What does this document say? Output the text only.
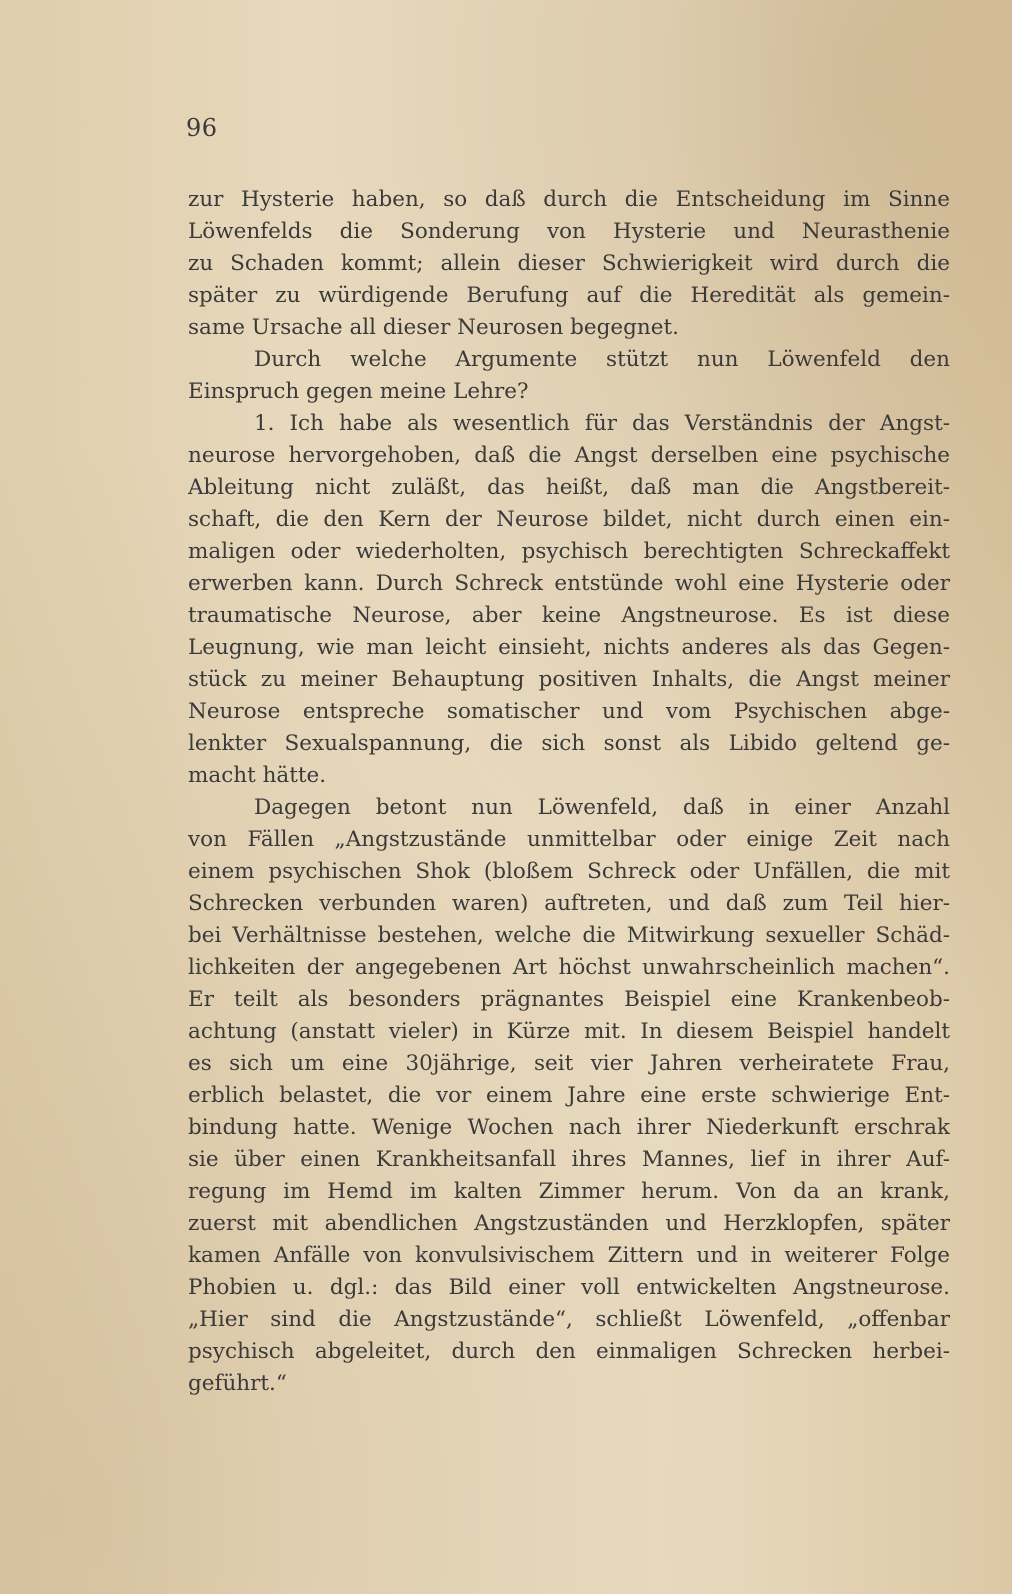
96
zur Hysterie haben, so daß durch die Entscheidung im Sinne
Löwenfelds die Sonderung von Hysterie und Neurasthenie
zu Schaden kommt; allein dieser Schwierigkeit wird durch die
später zu würdigende Berufung auf die Heredität als gemein-
same Ursache all dieser Neurosen begegnet.
Durch welche Argumente stützt nun Löwenfeld den
Einspruch gegen meine Lehre?
1. Ich habe als wesentlich für das Verständnis der Angst-
neurose hervorgehoben, daß die Angst derselben eine psychische
Ableitung nicht zuläßt, das heißt, daß man die Angstbereit-
schaft, die den Kern der Neurose bildet, nicht durch einen ein-
maligen oder wiederholten, psychisch berechtigten Schreckaffekt
erwerben kann. Durch Schreck entstünde wohl eine Hysterie oder
traumatische Neurose, aber keine Angstneurose. Es ist diese
Leugnung, wie man leicht einsieht, nichts anderes als das Gegen-
stück zu meiner Behauptung positiven Inhalts, die Angst meiner
Neurose entspreche somatischer und vom Psychischen abge-
lenkter Sexualspannung, die sich sonst als Libido geltend ge-
macht hätte.
Dagegen betont nun Löwenfeld, daß in einer Anzahl
von Fällen „Angstzustände unmittelbar oder einige Zeit nach
einem psychischen Shok (bloßem Schreck oder Unfällen, die mit
Schrecken verbunden waren) auftreten, und daß zum Teil hier-
bei Verhältnisse bestehen, welche die Mitwirkung sexueller Schäd-
lichkeiten der angegebenen Art höchst unwahrscheinlich machen“.
Er teilt als besonders prägnantes Beispiel eine Krankenbeob-
achtung (anstatt vieler) in Kürze mit. In diesem Beispiel handelt
es sich um eine 30jährige, seit vier Jahren verheiratete Frau,
erblich belastet, die vor einem Jahre eine erste schwierige Ent-
bindung hatte. Wenige Wochen nach ihrer Niederkunft erschrak
sie über einen Krankheitsanfall ihres Mannes, lief in ihrer Auf-
regung im Hemd im kalten Zimmer herum. Von da an krank,
zuerst mit abendlichen Angstzuständen und Herzklopfen, später
kamen Anfälle von konvulsivischem Zittern und in weiterer Folge
Phobien u. dgl.: das Bild einer voll entwickelten Angstneurose.
„Hier sind die Angstzustände“, schließt Löwenfeld, „offenbar
psychisch abgeleitet, durch den einmaligen Schrecken herbei-
geführt.“
